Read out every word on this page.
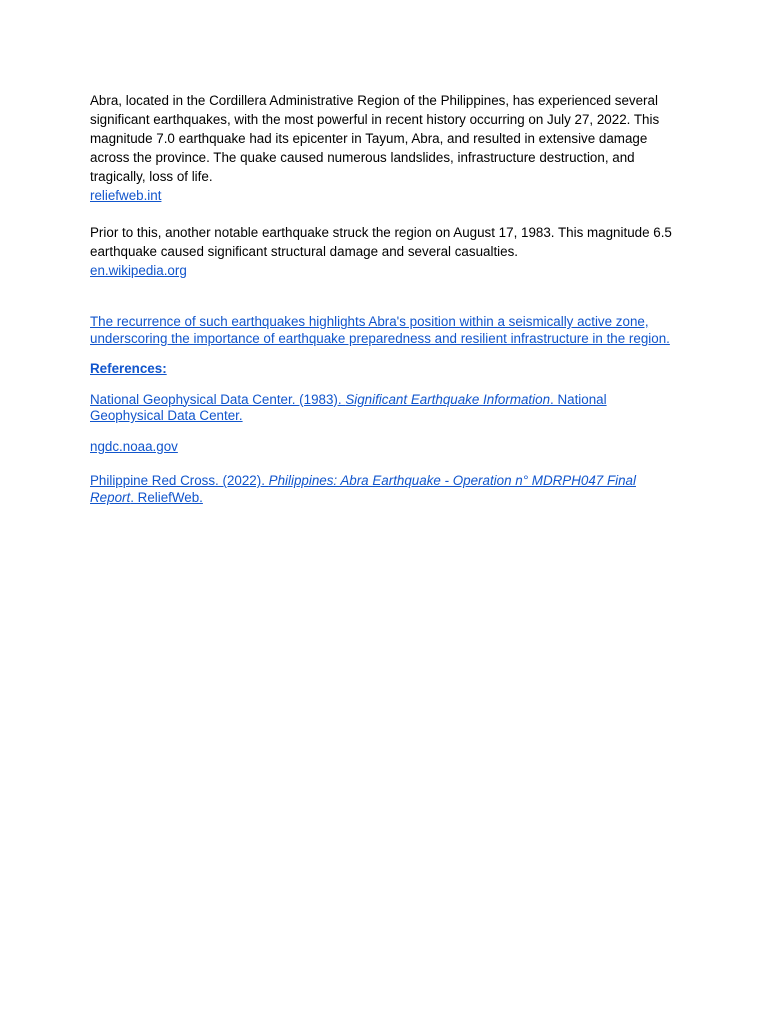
Abra, located in the Cordillera Administrative Region of the Philippines, has experienced several significant earthquakes, with the most powerful in recent history occurring on July 27, 2022. This magnitude 7.0 earthquake had its epicenter in Tayum, Abra, and resulted in extensive damage across the province. The quake caused numerous landslides, infrastructure destruction, and tragically, loss of life.

reliefweb.int

Prior to this, another notable earthquake struck the region on August 17, 1983. This magnitude 6.5 earthquake caused significant structural damage and several casualties.

en.wikipedia.org

The recurrence of such earthquakes highlights Abra's position within a seismically active zone, underscoring the importance of earthquake preparedness and resilient infrastructure in the region.

References:

National Geophysical Data Center. (1983). Significant Earthquake Information. National Geophysical Data Center.

ngdc.noaa.gov

Philippine Red Cross. (2022). Philippines: Abra Earthquake - Operation n° MDRPH047 Final Report. ReliefWeb.
